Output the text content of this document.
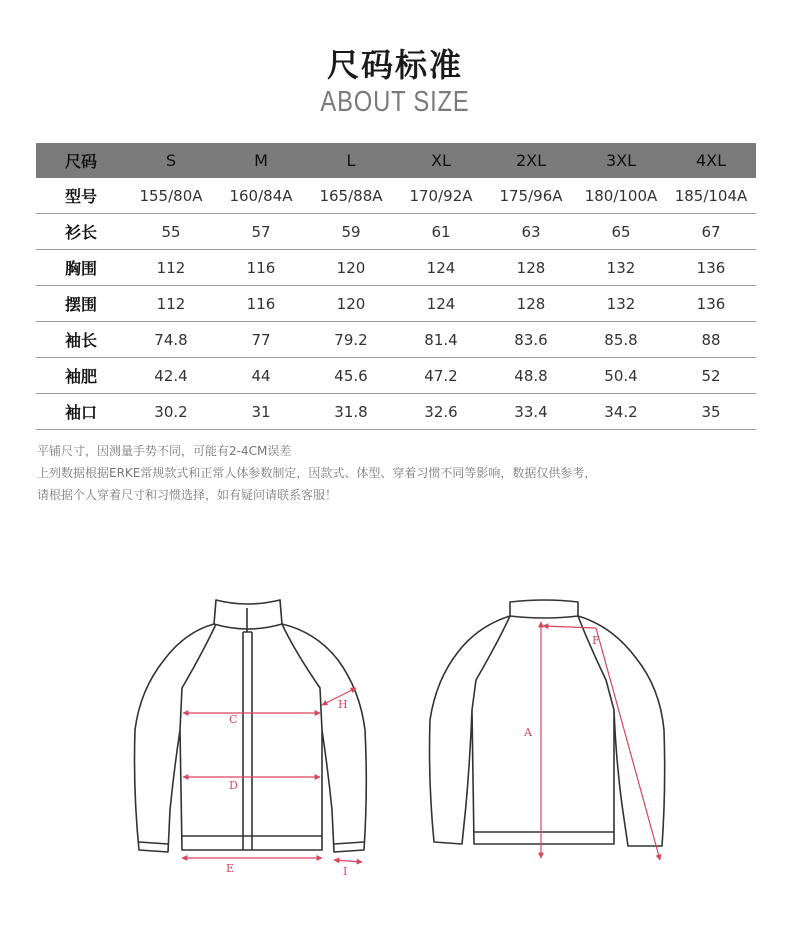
尺码标准
ABOUT SIZE
尺码	S	M	L	XL	2XL	3XL	4XL
型号	155/80A	160/84A	165/88A	170/92A	175/96A	180/100A	185/104A
衫长	55	57	59	61	63	65	67
胸围	112	116	120	124	128	132	136
摆围	112	116	120	124	128	132	136
袖长	74.8	77	79.2	81.4	83.6	85.8	88
袖肥	42.4	44	45.6	47.2	48.8	50.4	52
袖口	30.2	31	31.8	32.6	33.4	34.2	35
平铺尺寸，因测量手势不同，可能有2-4CM误差
上列数据根据ERKE常规款式和正常人体参数制定，因款式、体型、穿着习惯不同等影响，数据仅供参考，
请根据个人穿着尺寸和习惯选择，如有疑问请联系客服！
C
D
E
H
I
A
F
